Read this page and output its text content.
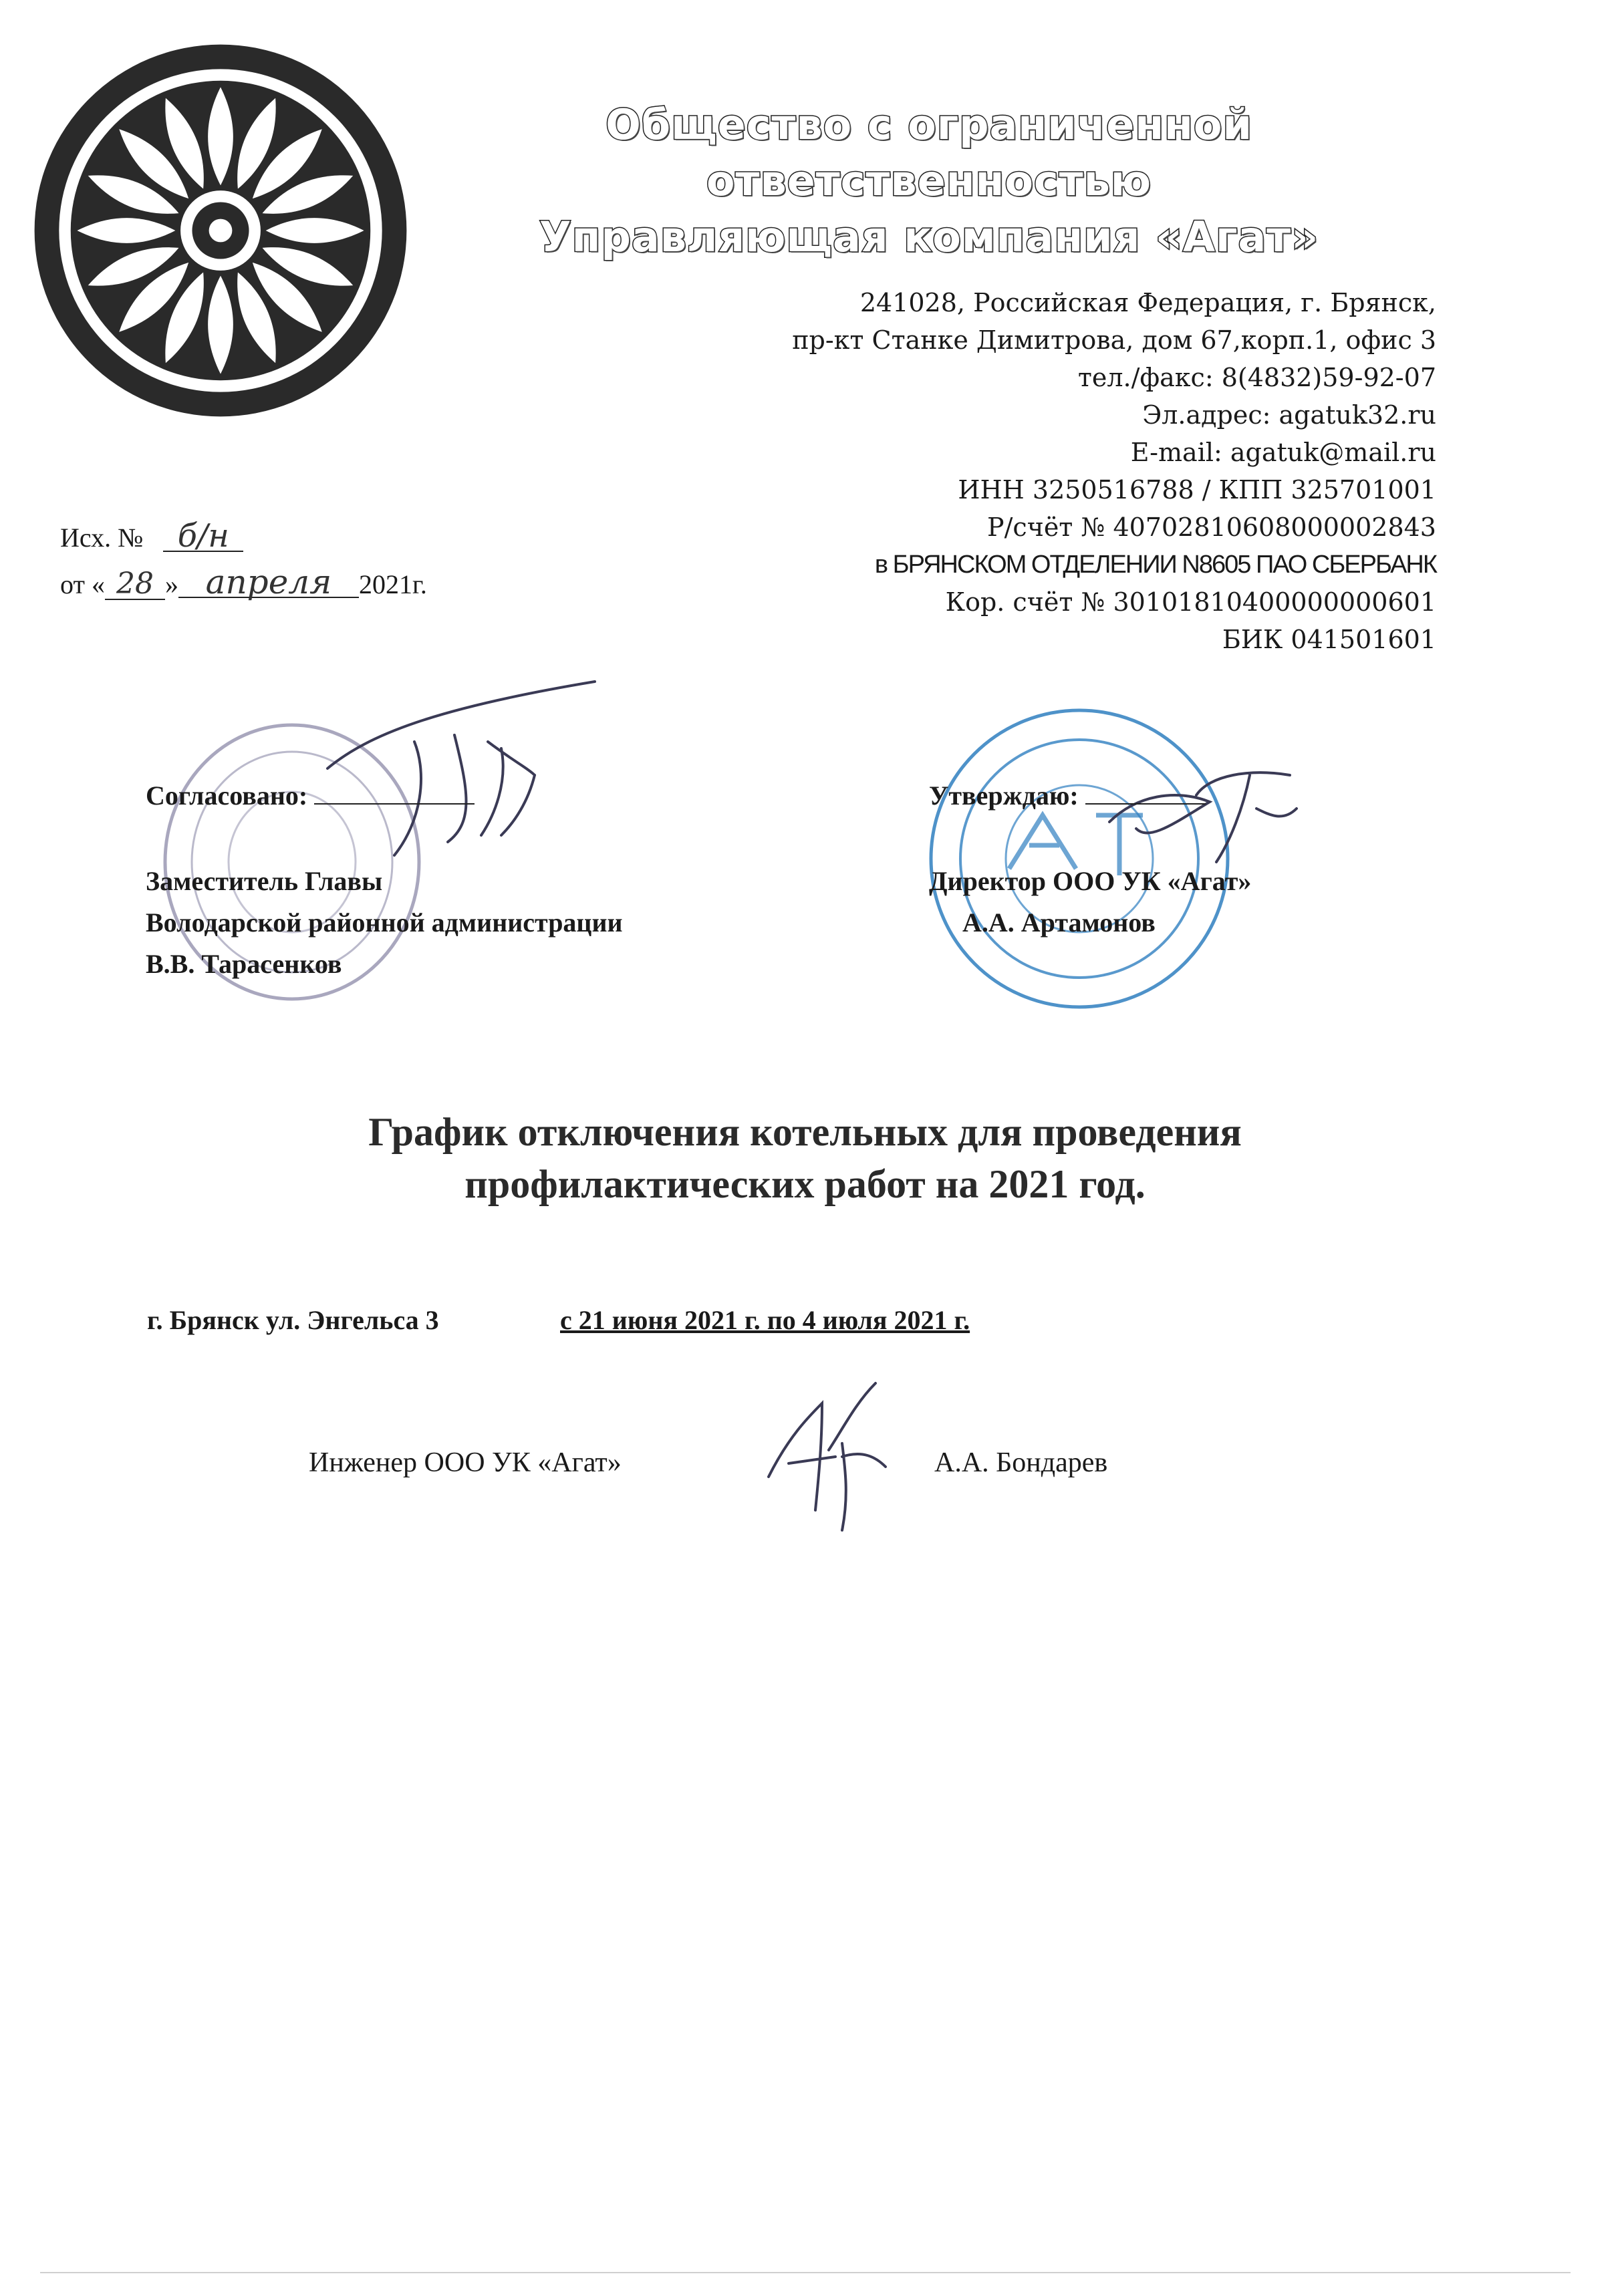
Общество с ограниченной ответственностью
Управляющая компания «Агат»
241028, Российская Федерация, г. Брянск,
пр-кт Станке Димитрова, дом 67,корп.1, офис 3
тел./факс: 8(4832)59-92-07
Эл.адрес: agatuk32.ru
E-mail: agatuk@mail.ru
ИНН 3250516788 / КПП 325701001
Р/счёт № 40702810608000002843
в БРЯНСКОМ ОТДЕЛЕНИИ N8605 ПАО СБЕРБАНК
Кор. счёт № 30101810400000000601
БИК 041501601
Исх. № б/н
от « 28 » апреля 2021г.
Согласовано:
Заместитель Главы
Володарской районной администрации
В.В. Тарасенков
Утверждаю:
Директор ООО УК «Агат»
А.А. Артамонов
График отключения котельных для проведения
профилактических работ на 2021 год.
г. Брянск ул. Энгельса 3	с 21 июня 2021 г. по 4 июля 2021 г.
Инженер ООО УК «Агат»	А.А. Бондарев
